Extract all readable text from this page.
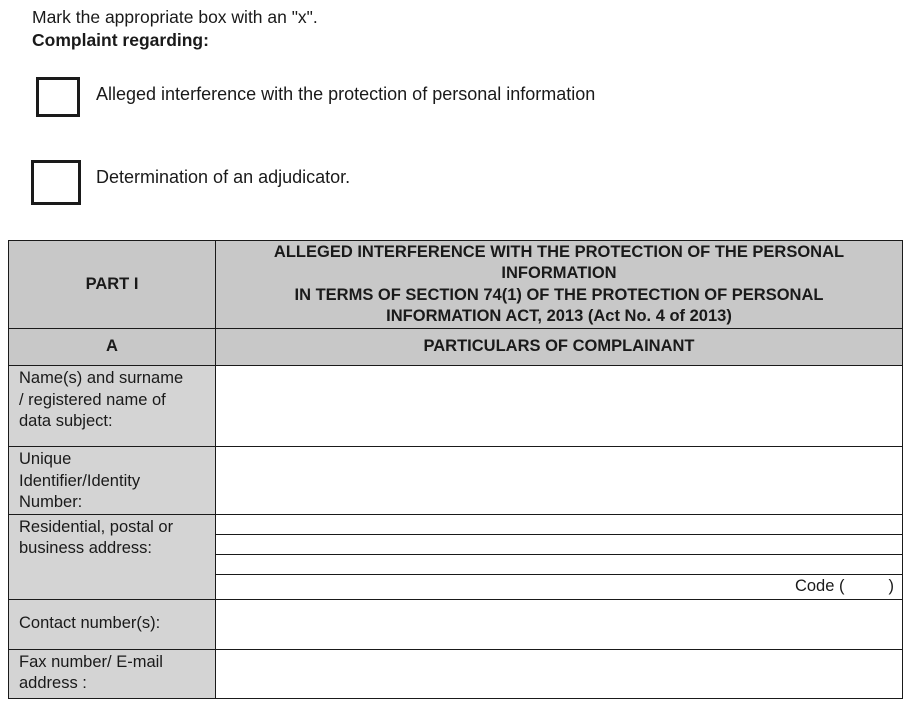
Mark the appropriate box with an "x".
Complaint regarding:
Alleged interference with the protection of personal information
Determination of an adjudicator.
PART I	ALLEGED INTERFERENCE WITH THE PROTECTION OF THE PERSONAL
INFORMATION
IN TERMS OF SECTION 74(1) OF THE PROTECTION OF PERSONAL
INFORMATION ACT, 2013 (Act No. 4 of 2013)

A	PARTICULARS OF COMPLAINANT

Name(s) and surname
/ registered name of
data subject:	

Unique
Identifier/Identity
Number:	

Residential, postal or
business address:	Code ( )

Contact number(s):	

Fax number/ E-mail
address :	
